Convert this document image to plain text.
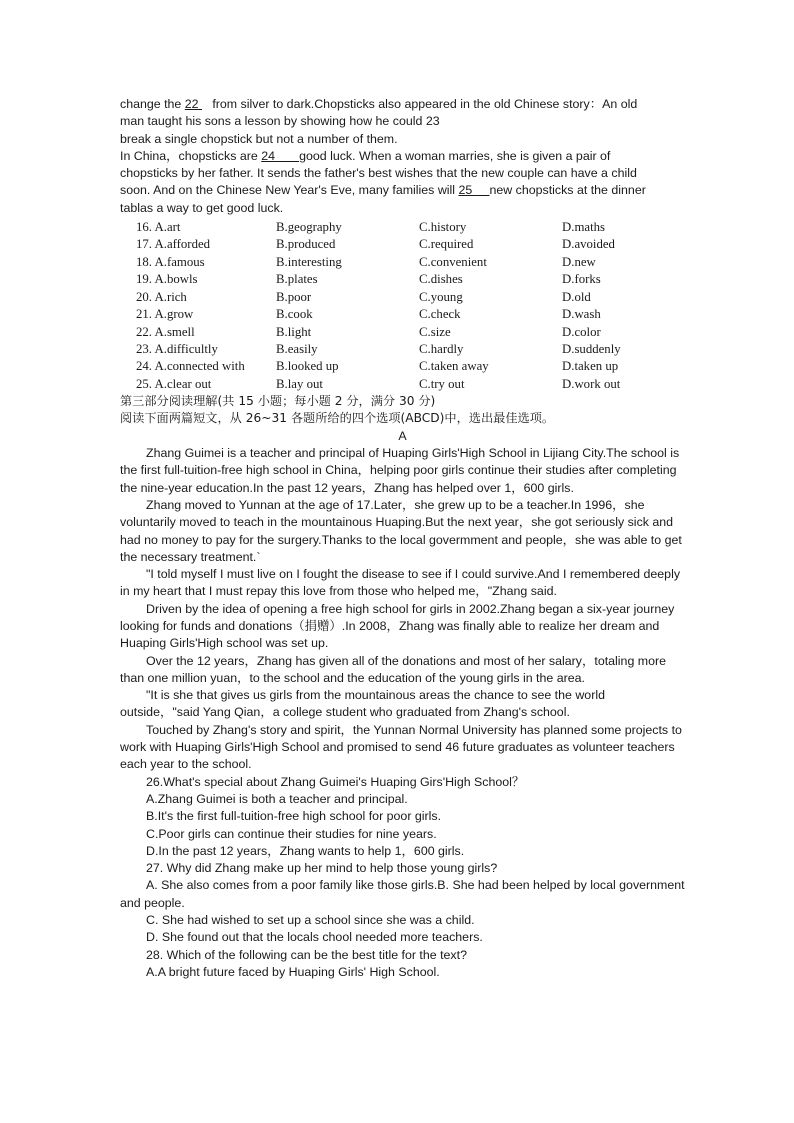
change the 22    from silver to dark.Chopsticks also appeared in the old Chinese story：An old
man taught his sons a lesson by showing how he could 23
break a single chopstick but not a number of them.
In China，chopsticks are 24       good luck. When a woman marries, she is given a pair of
chopsticks by her father. It sends the father's best wishes that the new couple can have a child
soon. And on the Chinese New Year's Eve, many families will 25     new chopsticks at the dinner
tablas a way to get good luck.
16. A.art	B.geography	C.history	D.maths
17. A.afforded	B.produced	C.required	D.avoided
18. A.famous	B.interesting	C.convenient	D.new
19. A.bowls	B.plates	C.dishes	D.forks
20. A.rich	B.poor	C.young	D.old
21. A.grow	B.cook	C.check	D.wash
22. A.smell	B.light	C.size	D.color
23. A.difficultly	B.easily	C.hardly	D.suddenly
24. A.connected with	B.looked up	C.taken away	D.taken up
25. A.clear out	B.lay out	C.try out	D.work out
第三部分阅读理解(共 15 小题；每小题 2 分，满分 30 分)
阅读下面两篇短文，从 26~31 各题所给的四个选项(ABCD)中，选出最佳选项。
A

Zhang Guimei is a teacher and principal of Huaping Girls'High School in Lijiang City.The school is the first full-tuition-free high school in China，helping poor girls continue their studies after completing the nine-year education.In the past 12 years，Zhang has helped over 1，600 girls.

Zhang moved to Yunnan at the age of 17.Later，she grew up to be a teacher.In 1996，she voluntarily moved to teach in the mountainous Huaping.But the next year，she got seriously sick and had no money to pay for the surgery.Thanks to the local govermment and people，she was able to get the necessary treatment.`

"I told myself I must live on I fought the disease to see if I could survive.And I remembered deeply in my heart that I must repay this love from those who helped me，"Zhang said.

Driven by the idea of opening a free high school for girls in 2002.Zhang began a six-year journey looking for funds and donations（捐赠）.In 2008，Zhang was finally able to realize her dream and Huaping Girls'High school was set up.

Over the 12 years，Zhang has given all of the donations and most of her salary，totaling more than one million yuan，to the school and the education of the young girls in the area.

"It is she that gives us girls from the mountainous areas the chance to see the world outside，"said Yang Qian，a college student who graduated from Zhang's school.

Touched by Zhang's story and spirit，the Yunnan Normal University has planned some projects to work with Huaping Girls'High School and promised to send 46 future graduates as volunteer teachers each year to the school.

26.What's special about Zhang Guimei's Huaping Girs'High School？
A.Zhang Guimei is both a teacher and principal.
B.It's the first full-tuition-free high school for poor girls.
C.Poor girls can continue their studies for nine years.
D.In the past 12 years，Zhang wants to help 1，600 girls.
27. Why did Zhang make up her mind to help those young girls?

A. She also comes from a poor family like those girls.B. She had been helped by local government and people.

C. She had wished to set up a school since she was a child.
D. She found out that the locals chool needed more teachers.
28. Which of the following can be the best title for the text?
A.A bright future faced by Huaping Girls' High School.
